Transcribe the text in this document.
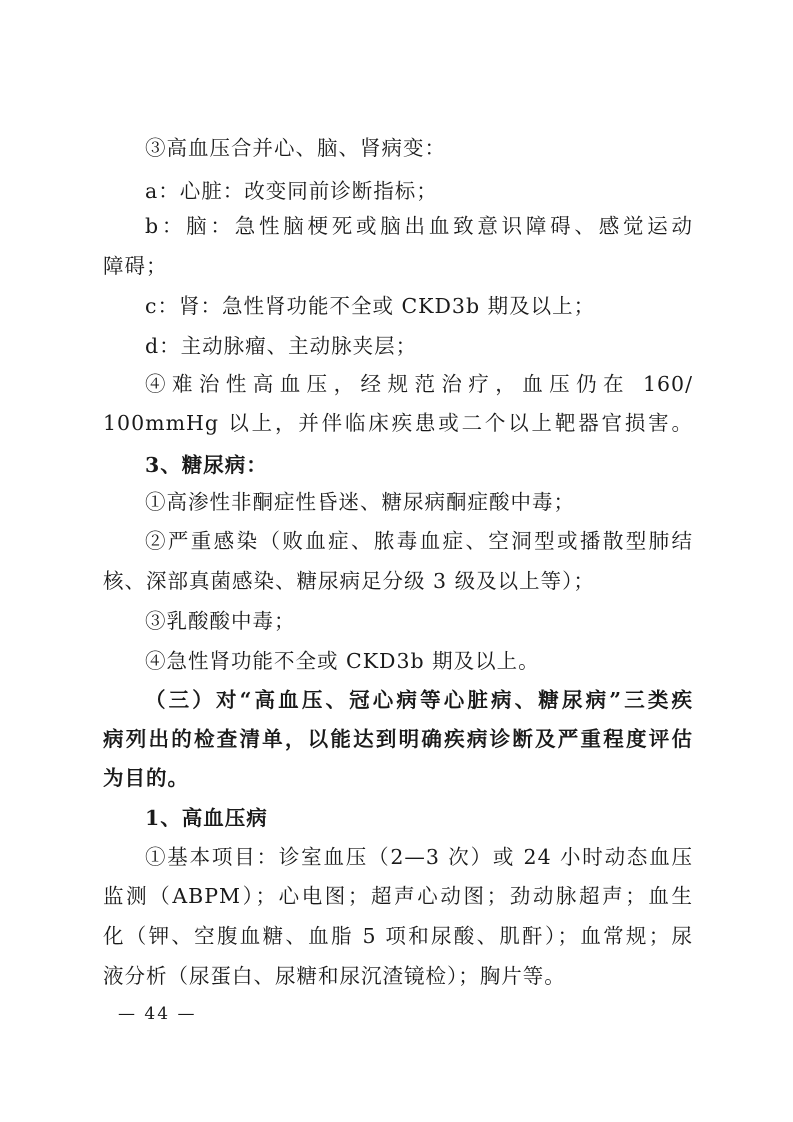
③高血压合并心、脑、肾病变：
a：心脏：改变同前诊断指标；
b：脑：急性脑梗死或脑出血致意识障碍、感觉运动
障碍；
c：肾：急性肾功能不全或 CKD3b 期及以上；
d：主动脉瘤、主动脉夹层；
④难治性高血压，经规范治疗，血压仍在 160/
100mmHg 以上，并伴临床疾患或二个以上靶器官损害。
3、糖尿病：
①高渗性非酮症性昏迷、糖尿病酮症酸中毒；
②严重感染（败血症、脓毒血症、空洞型或播散型肺结
核、深部真菌感染、糖尿病足分级 3 级及以上等）；
③乳酸酸中毒；
④急性肾功能不全或 CKD3b 期及以上。
（三）对“高血压、冠心病等心脏病、糖尿病”三类疾
病列出的检查清单，以能达到明确疾病诊断及严重程度评估
为目的。
1、高血压病
①基本项目：诊室血压（2—3 次）或 24 小时动态血压
监测（ABPM）；心电图；超声心动图；劲动脉超声；血生
化（钾、空腹血糖、血脂 5 项和尿酸、肌酐）；血常规；尿
液分析（尿蛋白、尿糖和尿沉渣镜检）；胸片等。
— 44 —
